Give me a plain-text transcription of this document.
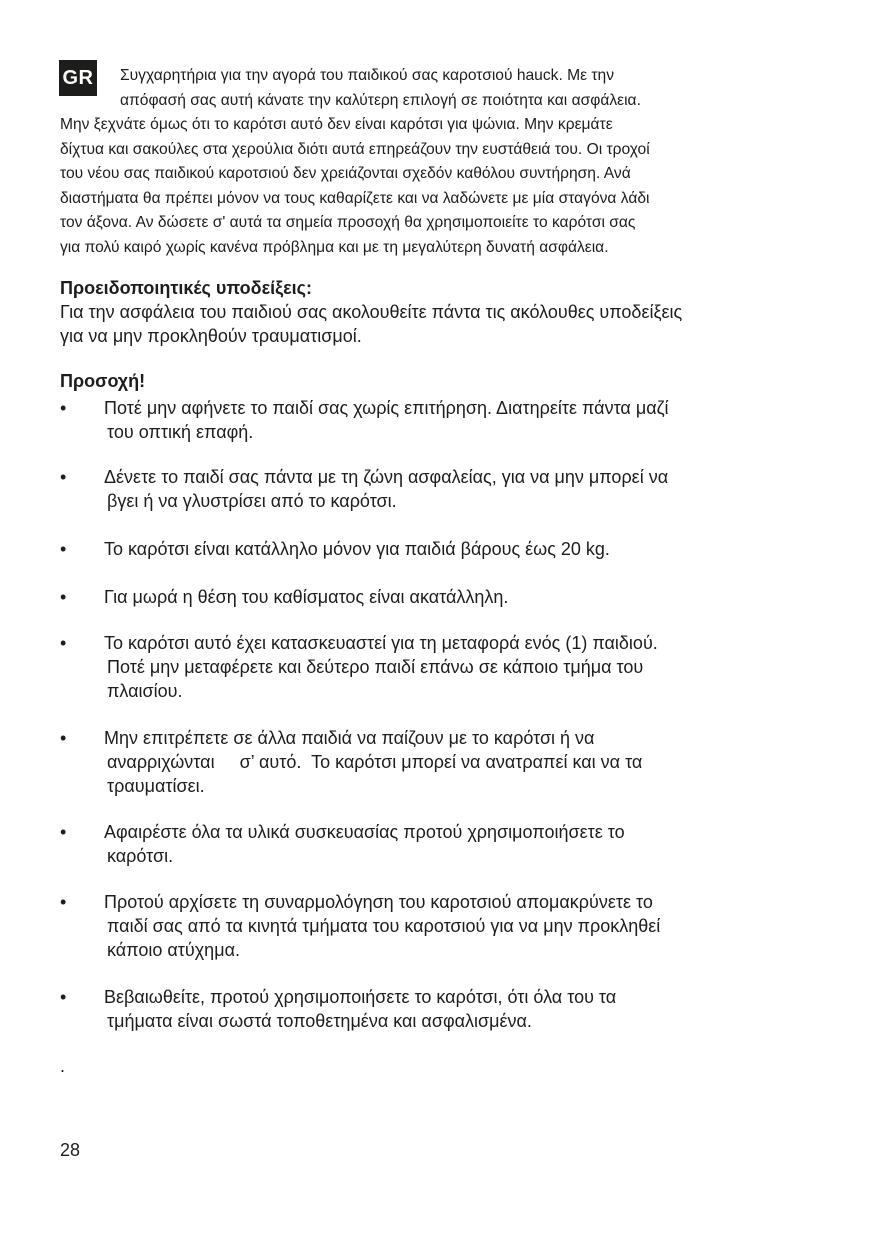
GR	Συγχαρητήρια για την αγορά του παιδικού σας καροτσιού hauck. Με την
απόφασή σας αυτή κάνατε την καλύτερη επιλογή σε ποιότητα και ασφάλεια.
Μην ξεχνάτε όμως ότι το καρότσι αυτό δεν είναι καρότσι για ψώνια. Μην κρεμάτε
δίχτυα και σακούλες στα χερούλια διότι αυτά επηρεάζουν την ευστάθειά του. Οι τροχοί
του νέου σας παιδικού καροτσιού δεν χρειάζονται σχεδόν καθόλου συντήρηση. Ανά
διαστήματα θα πρέπει μόνον να τους καθαρίζετε και να λαδώνετε με μία σταγόνα λάδι
τον άξονα. Αν δώσετε σ' αυτά τα σημεία προσοχή θα χρησιμοποιείτε το καρότσι σας
για πολύ καιρό χωρίς κανένα πρόβλημα και με τη μεγαλύτερη δυνατή ασφάλεια.

Προειδοποιητικές υποδείξεις:

Για την ασφάλεια του παιδιού σας ακολουθείτε πάντα τις ακόλουθες υποδείξεις
για να μην προκληθούν τραυματισμοί.

Προσοχή!
•	Ποτέ μην αφήνετε το παιδί σας χωρίς επιτήρηση. Διατηρείτε πάντα μαζί
του οπτική επαφή.
•	Δένετε το παιδί σας πάντα με τη ζώνη ασφαλείας, για να μην μπορεί να
βγει ή να γλυστρίσει από το καρότσι.
•	Το καρότσι είναι κατάλληλο μόνον για παιδιά βάρους έως 20 kg.
•	Για μωρά η θέση του καθίσματος είναι ακατάλληλη.
•	Το καρότσι αυτό έχει κατασκευαστεί για τη μεταφορά ενός (1) παιδιού.
Ποτέ μην μεταφέρετε και δεύτερο παιδί επάνω σε κάποιο τμήμα του
πλαισίου.
•	Μην επιτρέπετε σε άλλα παιδιά να παίζουν με το καρότσι ή να
αναρριχώνται     σ’ αυτό.  Το καρότσι μπορεί να ανατραπεί και να τα
τραυματίσει.
•	Αφαιρέστε όλα τα υλικά συσκευασίας προτού χρησιμοποιήσετε το
καρότσι.
•	Προτού αρχίσετε τη συναρμολόγηση του καροτσιού απομακρύνετε το
παιδί σας από τα κινητά τμήματα του καροτσιού για να μην προκληθεί
κάποιο ατύχημα.
•	Βεβαιωθείτε, προτού χρησιμοποιήσετε το καρότσι, ότι όλα του τα
τμήματα είναι σωστά τοποθετημένα και ασφαλισμένα.
.
28
